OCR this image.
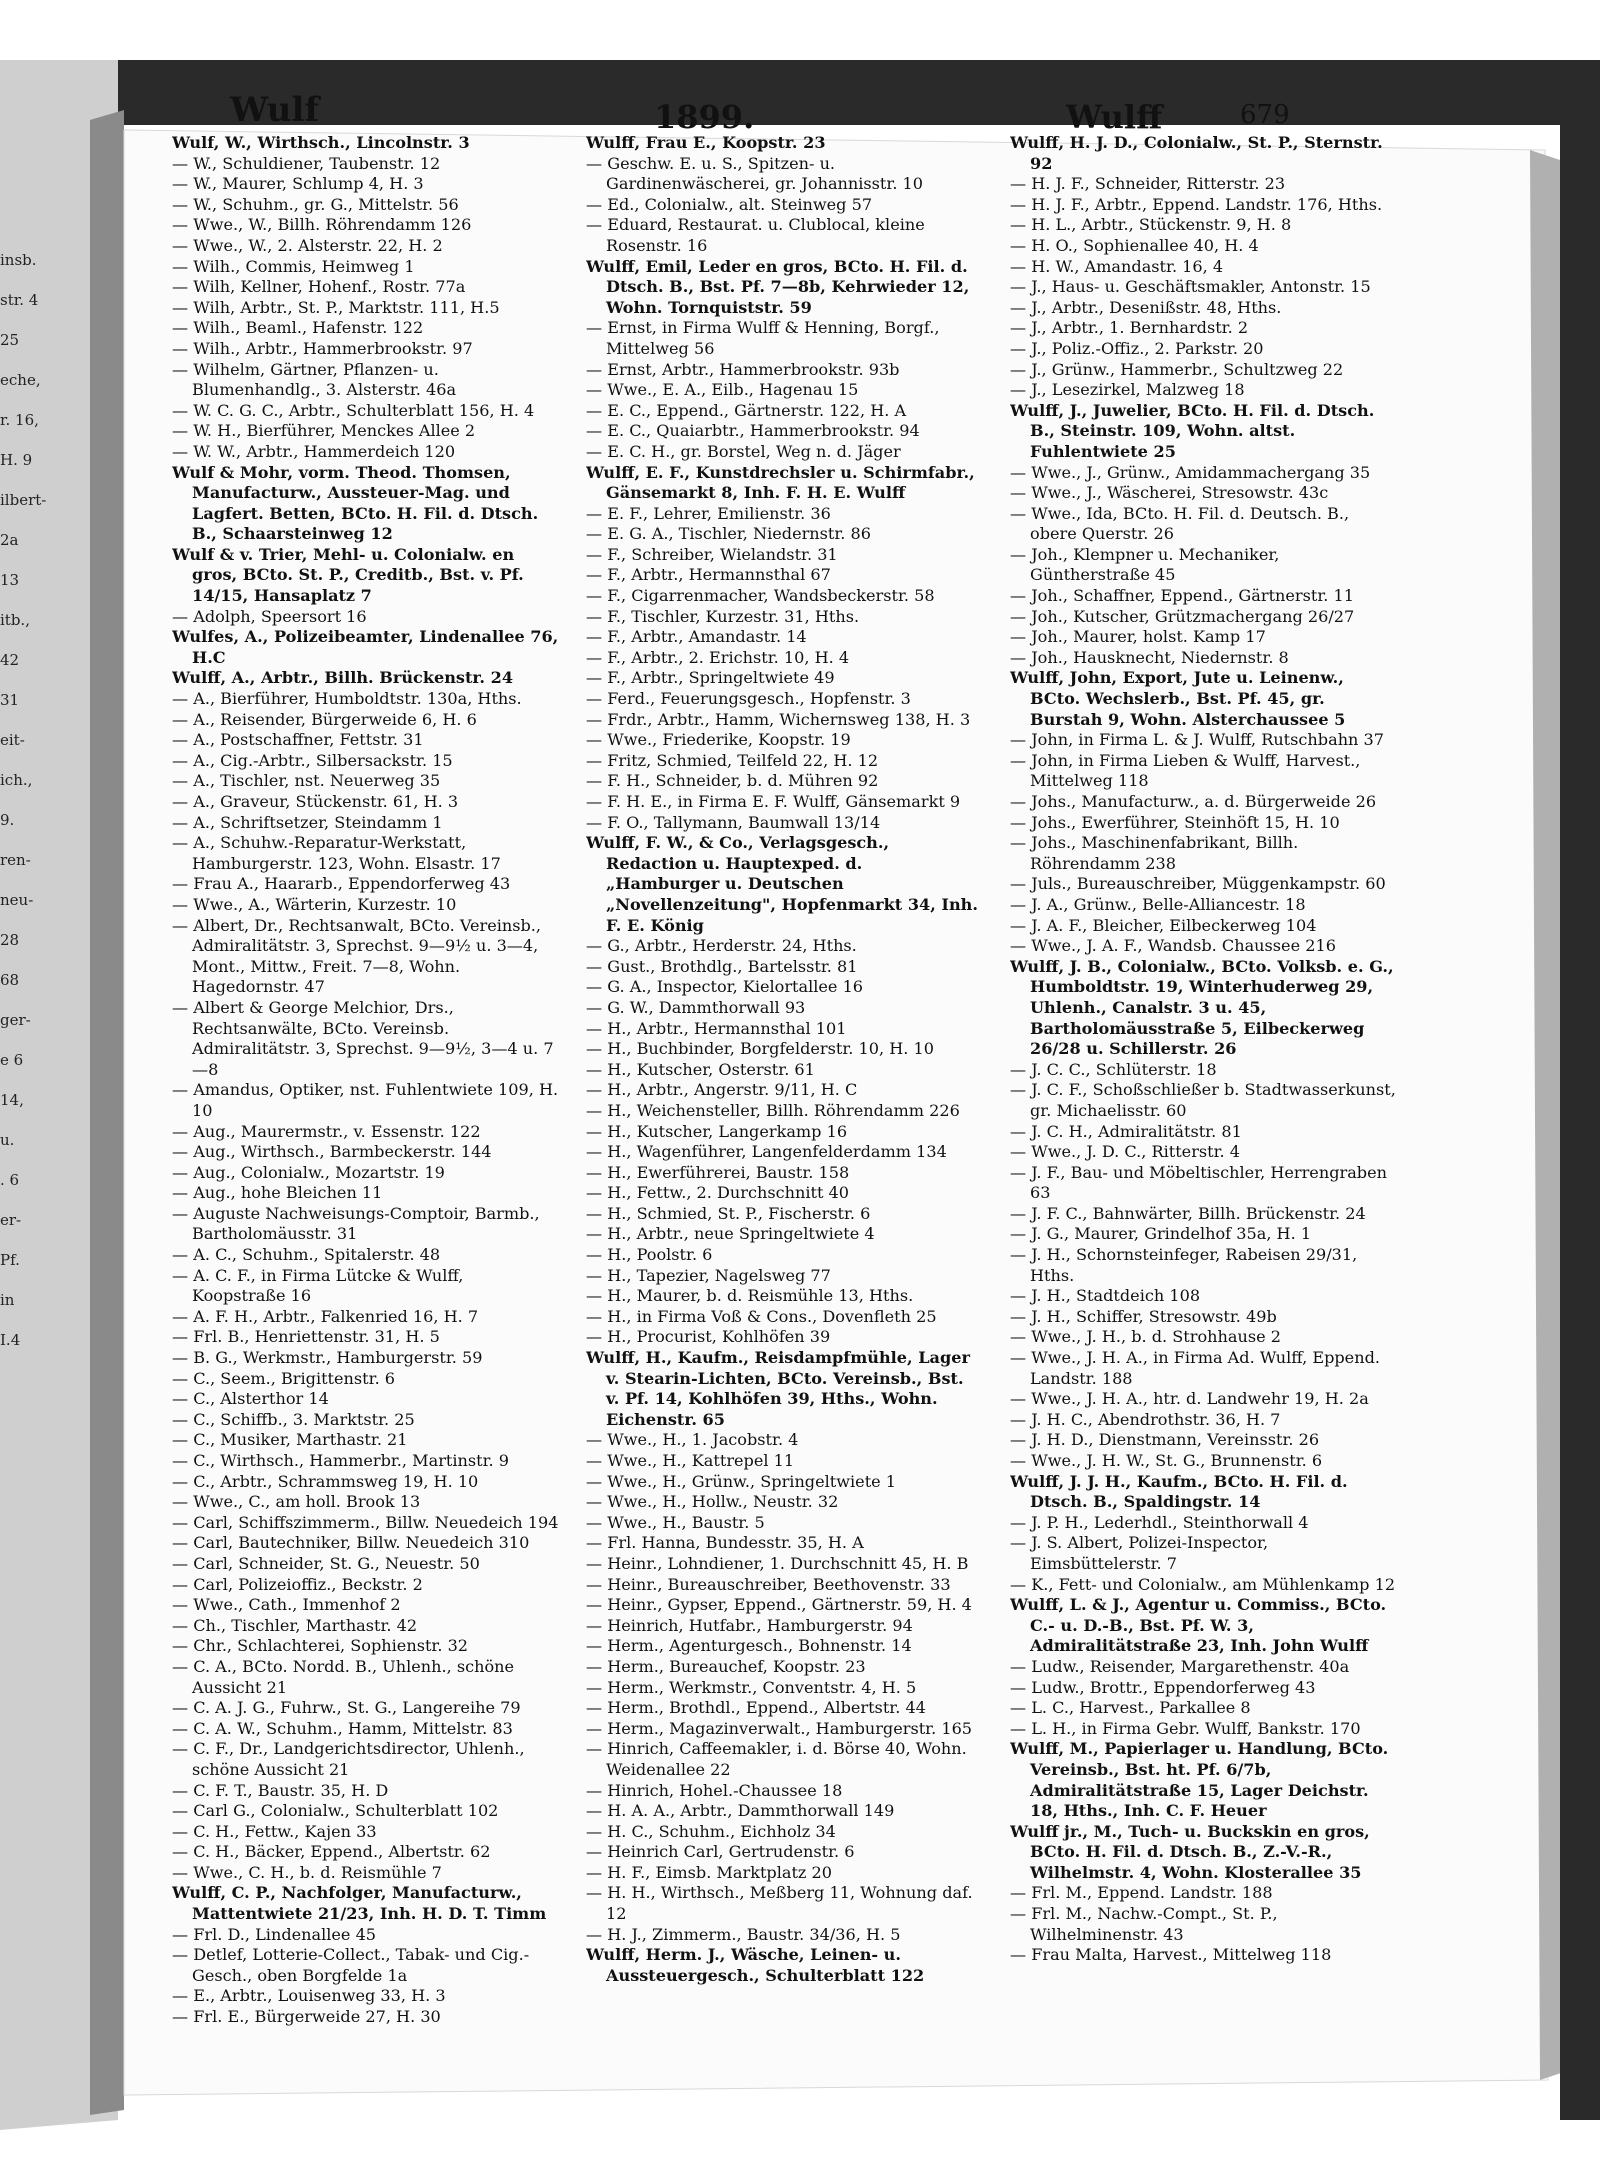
insb.
str. 4
25
eche,
r. 16,
H. 9
ilbert-
2a
13
itb.,
42
31
eit-
ich.,
9.
ren-
neu-
28
68
ger-
e 6
14,
u.
. 6
er-
Pf.
in
I.4
Wulf	1899.	Wulff	679

Wulf, W., Wirthsch., Lincolnstr. 3

— W., Schuldiener, Taubenstr. 12

— W., Maurer, Schlump 4, H. 3

— W., Schuhm., gr. G., Mittelstr. 56

— Wwe., W., Billh. Röhrendamm 126

— Wwe., W., 2. Alsterstr. 22, H. 2

— Wilh., Commis, Heimweg 1

— Wilh, Kellner, Hohenf., Rostr. 77a

— Wilh, Arbtr., St. P., Marktstr. 111, H.5

— Wilh., Beaml., Hafenstr. 122

— Wilh., Arbtr., Hammerbrookstr. 97

— Wilhelm, Gärtner, Pflanzen- u. Blumenhandlg., 3. Alsterstr. 46a

— W. C. G. C., Arbtr., Schulterblatt 156, H. 4

— W. H., Bierführer, Menckes Allee 2

— W. W., Arbtr., Hammerdeich 120

Wulf & Mohr, vorm. Theod. Thomsen, Manufacturw., Aussteuer-Mag. und Lagfert. Betten, BCto. H. Fil. d. Dtsch. B., Schaarsteinweg 12

Wulf & v. Trier, Mehl- u. Colonialw. en gros, BCto. St. P., Creditb., Bst. v. Pf. 14/15, Hansaplatz 7

— Adolph, Speersort 16

Wulfes, A., Polizeibeamter, Lindenallee 76, H.C

Wulff, A., Arbtr., Billh. Brückenstr. 24

— A., Bierführer, Humboldtstr. 130a, Hths.

— A., Reisender, Bürgerweide 6, H. 6

— A., Postschaffner, Fettstr. 31

— A., Cig.-Arbtr., Silbersackstr. 15

— A., Tischler, nst. Neuerweg 35

— A., Graveur, Stückenstr. 61, H. 3

— A., Schriftsetzer, Steindamm 1

— A., Schuhw.-Reparatur-Werkstatt, Hamburgerstr. 123, Wohn. Elsastr. 17

— Frau A., Haararb., Eppendorferweg 43

— Wwe., A., Wärterin, Kurzestr. 10

— Albert, Dr., Rechtsanwalt, BCto. Vereinsb., Admiralitätstr. 3, Sprechst. 9—9½ u. 3—4, Mont., Mittw., Freit. 7—8, Wohn. Hagedornstr. 47

— Albert & George Melchior, Drs., Rechtsanwälte, BCto. Vereinsb. Admiralitätstr. 3, Sprechst. 9—9½, 3—4 u. 7—8

— Amandus, Optiker, nst. Fuhlentwiete 109, H. 10

— Aug., Maurermstr., v. Essenstr. 122

— Aug., Wirthsch., Barmbeckerstr. 144

— Aug., Colonialw., Mozartstr. 19

— Aug., hohe Bleichen 11

— Auguste Nachweisungs-Comptoir, Barmb., Bartholomäusstr. 31

— A. C., Schuhm., Spitalerstr. 48

— A. C. F., in Firma Lütcke & Wulff, Koopstraße 16

— A. F. H., Arbtr., Falkenried 16, H. 7

— Frl. B., Henriettenstr. 31, H. 5

— B. G., Werkmstr., Hamburgerstr. 59

— C., Seem., Brigittenstr. 6

— C., Alsterthor 14

— C., Schiffb., 3. Marktstr. 25

— C., Musiker, Marthastr. 21

— C., Wirthsch., Hammerbr., Martinstr. 9

— C., Arbtr., Schrammsweg 19, H. 10

— Wwe., C., am holl. Brook 13

— Carl, Schiffszimmerm., Billw. Neuedeich 194

— Carl, Bautechniker, Billw. Neuedeich 310

— Carl, Schneider, St. G., Neuestr. 50

— Carl, Polizeioffiz., Beckstr. 2

— Wwe., Cath., Immenhof 2

— Ch., Tischler, Marthastr. 42

— Chr., Schlachterei, Sophienstr. 32

— C. A., BCto. Nordd. B., Uhlenh., schöne Aussicht 21

— C. A. J. G., Fuhrw., St. G., Langereihe 79

— C. A. W., Schuhm., Hamm, Mittelstr. 83

— C. F., Dr., Landgerichtsdirector, Uhlenh., schöne Aussicht 21

— C. F. T., Baustr. 35, H. D

— Carl G., Colonialw., Schulterblatt 102

— C. H., Fettw., Kajen 33

— C. H., Bäcker, Eppend., Albertstr. 62

— Wwe., C. H., b. d. Reismühle 7

Wulff, C. P., Nachfolger, Manufacturw., Mattentwiete 21/23, Inh. H. D. T. Timm

— Frl. D., Lindenallee 45

— Detlef, Lotterie-Collect., Tabak- und Cig.-Gesch., oben Borgfelde 1a

— E., Arbtr., Louisenweg 33, H. 3

— Frl. E., Bürgerweide 27, H. 30

Wulff, Frau E., Koopstr. 23

— Geschw. E. u. S., Spitzen- u. Gardinenwäscherei, gr. Johannisstr. 10

— Ed., Colonialw., alt. Steinweg 57

— Eduard, Restaurat. u. Clublocal, kleine Rosenstr. 16

Wulff, Emil, Leder en gros, BCto. H. Fil. d. Dtsch. B., Bst. Pf. 7—8b, Kehrwieder 12, Wohn. Tornquiststr. 59

— Ernst, in Firma Wulff & Henning, Borgf., Mittelweg 56

— Ernst, Arbtr., Hammerbrookstr. 93b

— Wwe., E. A., Eilb., Hagenau 15

— E. C., Eppend., Gärtnerstr. 122, H. A

— E. C., Quaiarbtr., Hammerbrookstr. 94

— E. C. H., gr. Borstel, Weg n. d. Jäger

Wulff, E. F., Kunstdrechsler u. Schirmfabr., Gänsemarkt 8, Inh. F. H. E. Wulff

— E. F., Lehrer, Emilienstr. 36

— E. G. A., Tischler, Niedernstr. 86

— F., Schreiber, Wielandstr. 31

— F., Arbtr., Hermannsthal 67

— F., Cigarrenmacher, Wandsbeckerstr. 58

— F., Tischler, Kurzestr. 31, Hths.

— F., Arbtr., Amandastr. 14

— F., Arbtr., 2. Erichstr. 10, H. 4

— F., Arbtr., Springeltwiete 49

— Ferd., Feuerungsgesch., Hopfenstr. 3

— Frdr., Arbtr., Hamm, Wichernsweg 138, H. 3

— Wwe., Friederike, Koopstr. 19

— Fritz, Schmied, Teilfeld 22, H. 12

— F. H., Schneider, b. d. Mühren 92

— F. H. E., in Firma E. F. Wulff, Gänsemarkt 9

— F. O., Tallymann, Baumwall 13/14

Wulff, F. W., & Co., Verlagsgesch., Redaction u. Hauptexped. d. „Hamburger u. Deutschen „Novellenzeitung", Hopfenmarkt 34, Inh. F. E. König

— G., Arbtr., Herderstr. 24, Hths.

— Gust., Brothdlg., Bartelsstr. 81

— G. A., Inspector, Kielortallee 16

— G. W., Dammthorwall 93

— H., Arbtr., Hermannsthal 101

— H., Buchbinder, Borgfelderstr. 10, H. 10

— H., Kutscher, Osterstr. 61

— H., Arbtr., Angerstr. 9/11, H. C

— H., Weichensteller, Billh. Röhrendamm 226

— H., Kutscher, Langerkamp 16

— H., Wagenführer, Langenfelderdamm 134

— H., Ewerführerei, Baustr. 158

— H., Fettw., 2. Durchschnitt 40

— H., Schmied, St. P., Fischerstr. 6

— H., Arbtr., neue Springeltwiete 4

— H., Poolstr. 6

— H., Tapezier, Nagelsweg 77

— H., Maurer, b. d. Reismühle 13, Hths.

— H., in Firma Voß & Cons., Dovenfleth 25

— H., Procurist, Kohlhöfen 39

Wulff, H., Kaufm., Reisdampfmühle, Lager v. Stearin-Lichten, BCto. Vereinsb., Bst. v. Pf. 14, Kohlhöfen 39, Hths., Wohn. Eichenstr. 65

— Wwe., H., 1. Jacobstr. 4

— Wwe., H., Kattrepel 11

— Wwe., H., Grünw., Springeltwiete 1

— Wwe., H., Hollw., Neustr. 32

— Wwe., H., Baustr. 5

— Frl. Hanna, Bundesstr. 35, H. A

— Heinr., Lohndiener, 1. Durchschnitt 45, H. B

— Heinr., Bureauschreiber, Beethovenstr. 33

— Heinr., Gypser, Eppend., Gärtnerstr. 59, H. 4

— Heinrich, Hutfabr., Hamburgerstr. 94

— Herm., Agenturgesch., Bohnenstr. 14

— Herm., Bureauchef, Koopstr. 23

— Herm., Werkmstr., Conventstr. 4, H. 5

— Herm., Brothdl., Eppend., Albertstr. 44

— Herm., Magazinverwalt., Hamburgerstr. 165

— Hinrich, Caffeemakler, i. d. Börse 40, Wohn. Weidenallee 22

— Hinrich, Hohel.-Chaussee 18

— H. A. A., Arbtr., Dammthorwall 149

— H. C., Schuhm., Eichholz 34

— Heinrich Carl, Gertrudenstr. 6

— H. F., Eimsb. Marktplatz 20

— H. H., Wirthsch., Meßberg 11, Wohnung daf. 12

— H. J., Zimmerm., Baustr. 34/36, H. 5

Wulff, Herm. J., Wäsche, Leinen- u. Aussteuergesch., Schulterblatt 122

Wulff, H. J. D., Colonialw., St. P., Sternstr. 92

— H. J. F., Schneider, Ritterstr. 23

— H. J. F., Arbtr., Eppend. Landstr. 176, Hths.

— H. L., Arbtr., Stückenstr. 9, H. 8

— H. O., Sophienallee 40, H. 4

— H. W., Amandastr. 16, 4

— J., Haus- u. Geschäftsmakler, Antonstr. 15

— J., Arbtr., Desenißstr. 48, Hths.

— J., Arbtr., 1. Bernhardstr. 2

— J., Poliz.-Offiz., 2. Parkstr. 20

— J., Grünw., Hammerbr., Schultzweg 22

— J., Lesezirkel, Malzweg 18

Wulff, J., Juwelier, BCto. H. Fil. d. Dtsch. B., Steinstr. 109, Wohn. altst. Fuhlentwiete 25

— Wwe., J., Grünw., Amidammachergang 35

— Wwe., J., Wäscherei, Stresowstr. 43c

— Wwe., Ida, BCto. H. Fil. d. Deutsch. B., obere Querstr. 26

— Joh., Klempner u. Mechaniker, Güntherstraße 45

— Joh., Schaffner, Eppend., Gärtnerstr. 11

— Joh., Kutscher, Grützmachergang 26/27

— Joh., Maurer, holst. Kamp 17

— Joh., Hausknecht, Niedernstr. 8

Wulff, John, Export, Jute u. Leinenw., BCto. Wechslerb., Bst. Pf. 45, gr. Burstah 9, Wohn. Alsterchaussee 5

— John, in Firma L. & J. Wulff, Rutschbahn 37

— John, in Firma Lieben & Wulff, Harvest., Mittelweg 118

— Johs., Manufacturw., a. d. Bürgerweide 26

— Johs., Ewerführer, Steinhöft 15, H. 10

— Johs., Maschinenfabrikant, Billh. Röhrendamm 238

— Juls., Bureauschreiber, Müggenkampstr. 60

— J. A., Grünw., Belle-Alliancestr. 18

— J. A. F., Bleicher, Eilbeckerweg 104

— Wwe., J. A. F., Wandsb. Chaussee 216

Wulff, J. B., Colonialw., BCto. Volksb. e. G., Humboldtstr. 19, Winterhuderweg 29, Uhlenh., Canalstr. 3 u. 45, Bartholomäusstraße 5, Eilbeckerweg 26/28 u. Schillerstr. 26

— J. C. C., Schlüterstr. 18

— J. C. F., Schoßschließer b. Stadtwasserkunst, gr. Michaelisstr. 60

— J. C. H., Admiralitätstr. 81

— Wwe., J. D. C., Ritterstr. 4

— J. F., Bau- und Möbeltischler, Herrengraben 63

— J. F. C., Bahnwärter, Billh. Brückenstr. 24

— J. G., Maurer, Grindelhof 35a, H. 1

— J. H., Schornsteinfeger, Rabeisen 29/31, Hths.

— J. H., Stadtdeich 108

— J. H., Schiffer, Stresowstr. 49b

— Wwe., J. H., b. d. Strohhause 2

— Wwe., J. H. A., in Firma Ad. Wulff, Eppend. Landstr. 188

— Wwe., J. H. A., htr. d. Landwehr 19, H. 2a

— J. H. C., Abendrothstr. 36, H. 7

— J. H. D., Dienstmann, Vereinsstr. 26

— Wwe., J. H. W., St. G., Brunnenstr. 6

Wulff, J. J. H., Kaufm., BCto. H. Fil. d. Dtsch. B., Spaldingstr. 14

— J. P. H., Lederhdl., Steinthorwall 4

— J. S. Albert, Polizei-Inspector, Eimsbüttelerstr. 7

— K., Fett- und Colonialw., am Mühlenkamp 12

Wulff, L. & J., Agentur u. Commiss., BCto. C.- u. D.-B., Bst. Pf. W. 3, Admiralitätstraße 23, Inh. John Wulff

— Ludw., Reisender, Margarethenstr. 40a

— Ludw., Brottr., Eppendorferweg 43

— L. C., Harvest., Parkallee 8

— L. H., in Firma Gebr. Wulff, Bankstr. 170

Wulff, M., Papierlager u. Handlung, BCto. Vereinsb., Bst. ht. Pf. 6/7b, Admiralitätstraße 15, Lager Deichstr. 18, Hths., Inh. C. F. Heuer

Wulff jr., M., Tuch- u. Buckskin en gros, BCto. H. Fil. d. Dtsch. B., Z.-V.-R., Wilhelmstr. 4, Wohn. Klosterallee 35

— Frl. M., Eppend. Landstr. 188

— Frl. M., Nachw.-Compt., St. P., Wilhelminenstr. 43

— Frau Malta, Harvest., Mittelweg 118
